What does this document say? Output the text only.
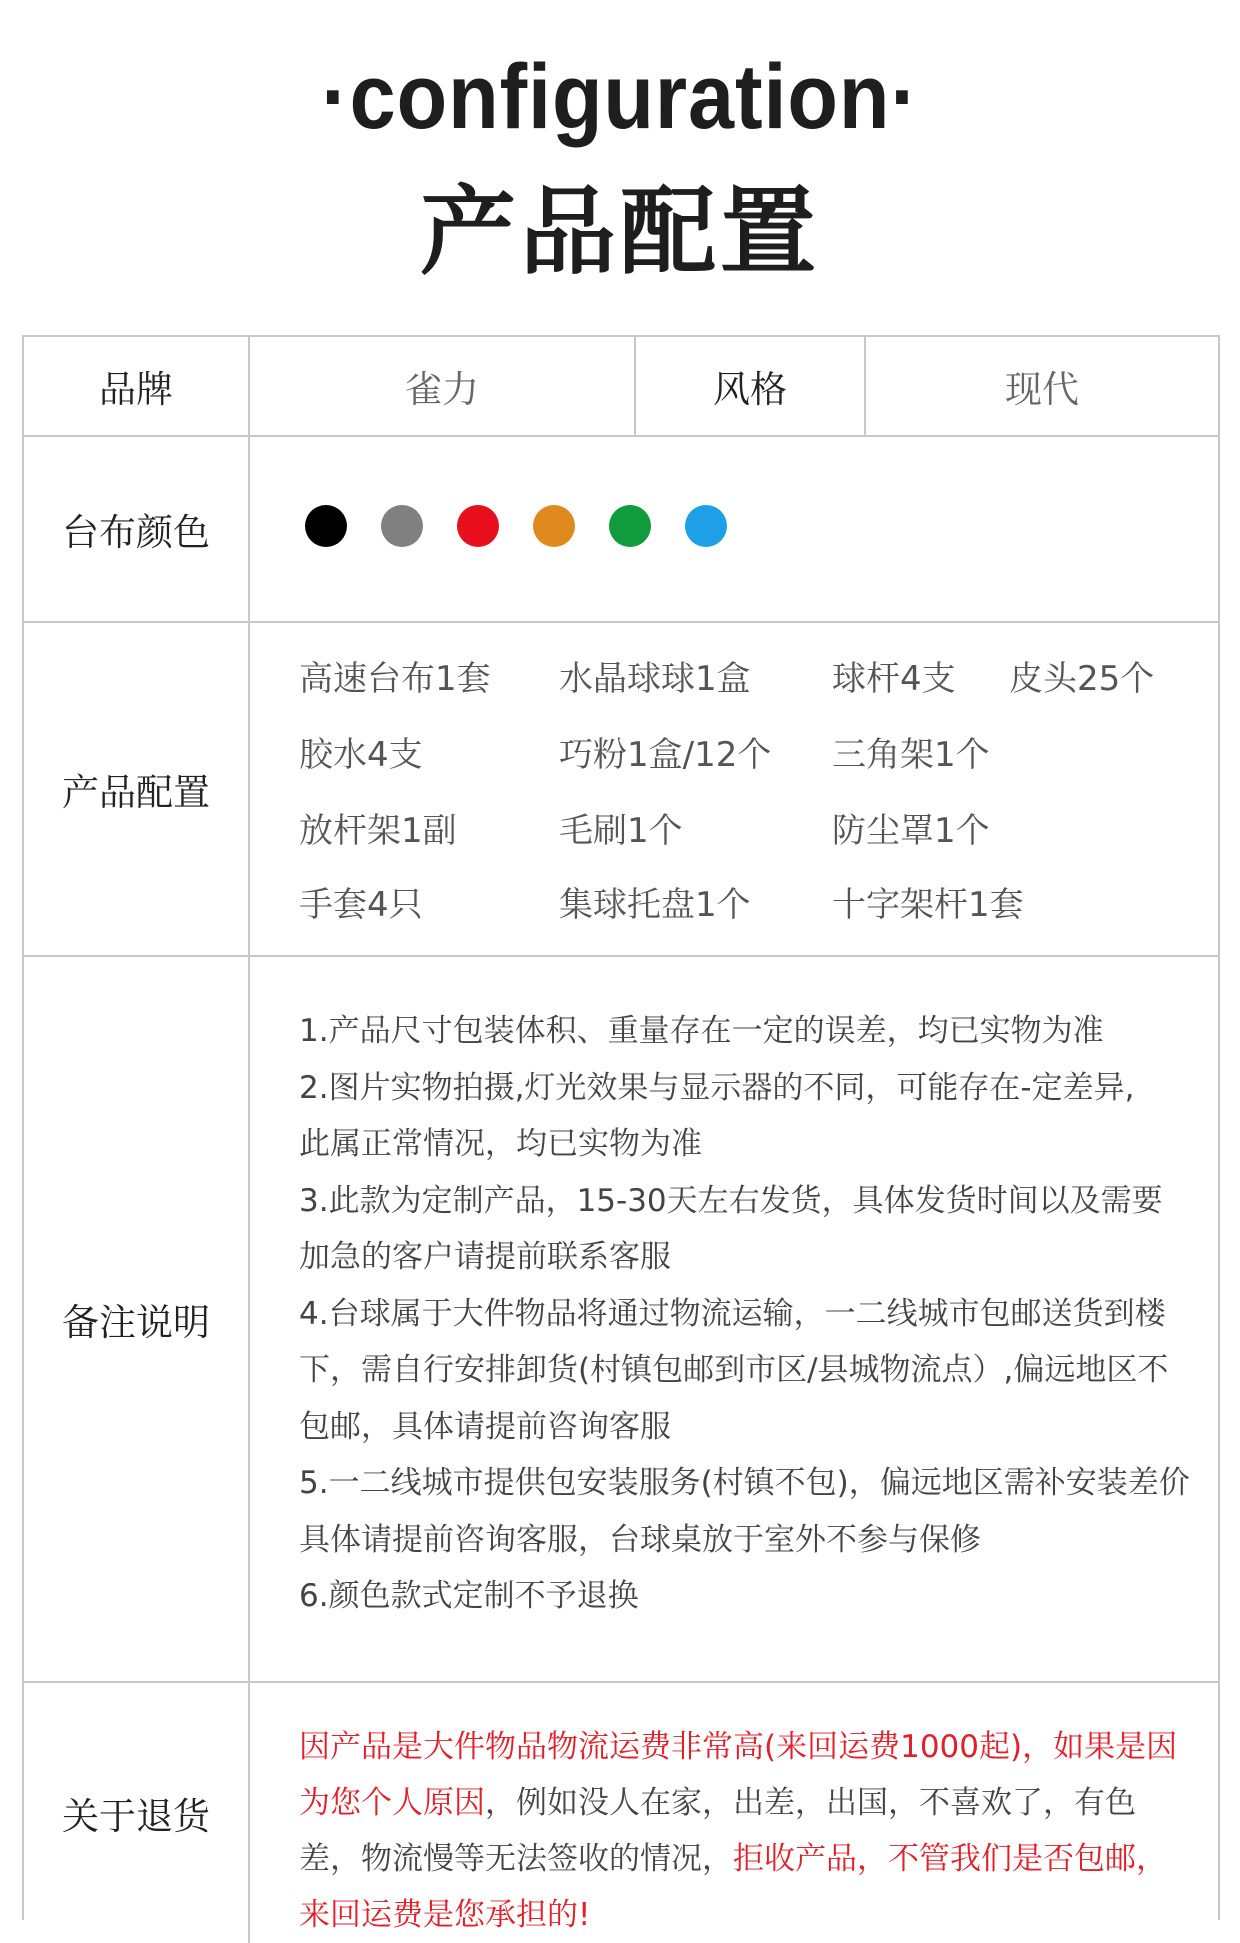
·configuration·
产品配置
品牌	雀力	风格	现代
台布颜色
产品配置
高速台布1套 水晶球球1盒 球杆4支 皮头25个
胶水4支	巧粉1盒/12个 三角架1个
放杆架1副	毛刷1个	防尘罩1个
手套4只	集球托盘1个 十字架杆1套
备注说明
1.产品尺寸包装体积、重量存在一定的误差，均已实物为准
2.图片实物拍摄,灯光效果与显示器的不同，可能存在-定差异,
此属正常情况，均已实物为准
3.此款为定制产品，15-30天左右发货，具体发货时间以及需要
加急的客户请提前联系客服
4.台球属于大件物品将通过物流运输，一二线城市包邮送货到楼
下，需自行安排卸货(村镇包邮到市区/县城物流点）,偏远地区不
包邮，具体请提前咨询客服
5.一二线城市提供包安装服务(村镇不包)，偏远地区需补安装差价
具体请提前咨询客服，台球桌放于室外不参与保修
6.颜色款式定制不予退换
关于退货
因产品是大件物品物流运费非常高(来回运费1000起)，如果是因
为您个人原因，例如没人在家，出差，出国，不喜欢了，有色
差，物流慢等无法签收的情况，拒收产品，不管我们是否包邮，
来回运费是您承担的!
